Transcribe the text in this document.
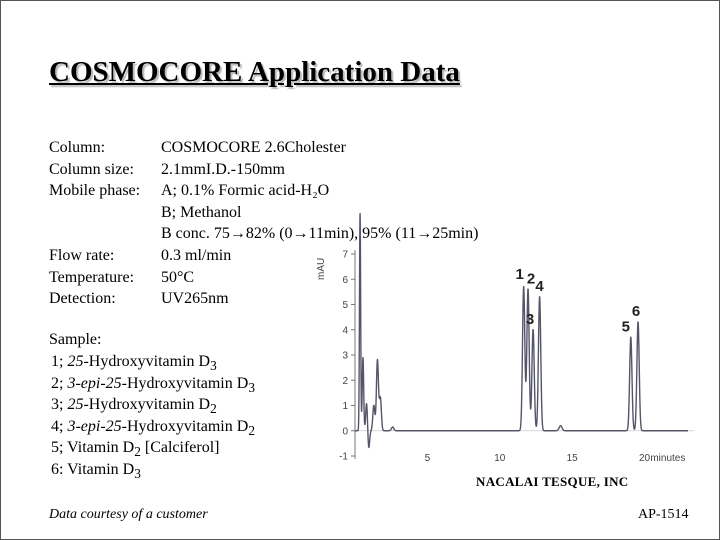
COSMOCORE Application Data
Column:	COSMOCORE 2.6Cholester
Column size: 2.1mmI.D.-150mm
Mobile phase: A; 0.1% Formic acid-H₂O
B; Methanol
B conc. 75→82% (0→11min), 95% (11→25min)
Flow rate:	0.3 ml/min
Temperature: 50°C
Detection:	UV265nm
Sample:
1; 25-Hydroxyvitamin $D_3$
2; 3-epi-25-Hydroxyvitamin $D_3$
3; 25-Hydroxyvitamin $D_2$
4; 3-epi-25-Hydroxyvitamin $D_2$
5; Vitamin $D_2$ [Calciferol]
6: Vitamin $D_3$
-1
0
1
2
3
4
5
6
7
5	10	15	20
mAU
minutes
1 2
3
4
5
6
NACALAI TESQUE, INC
Data courtesy of a customer	AP-1514
